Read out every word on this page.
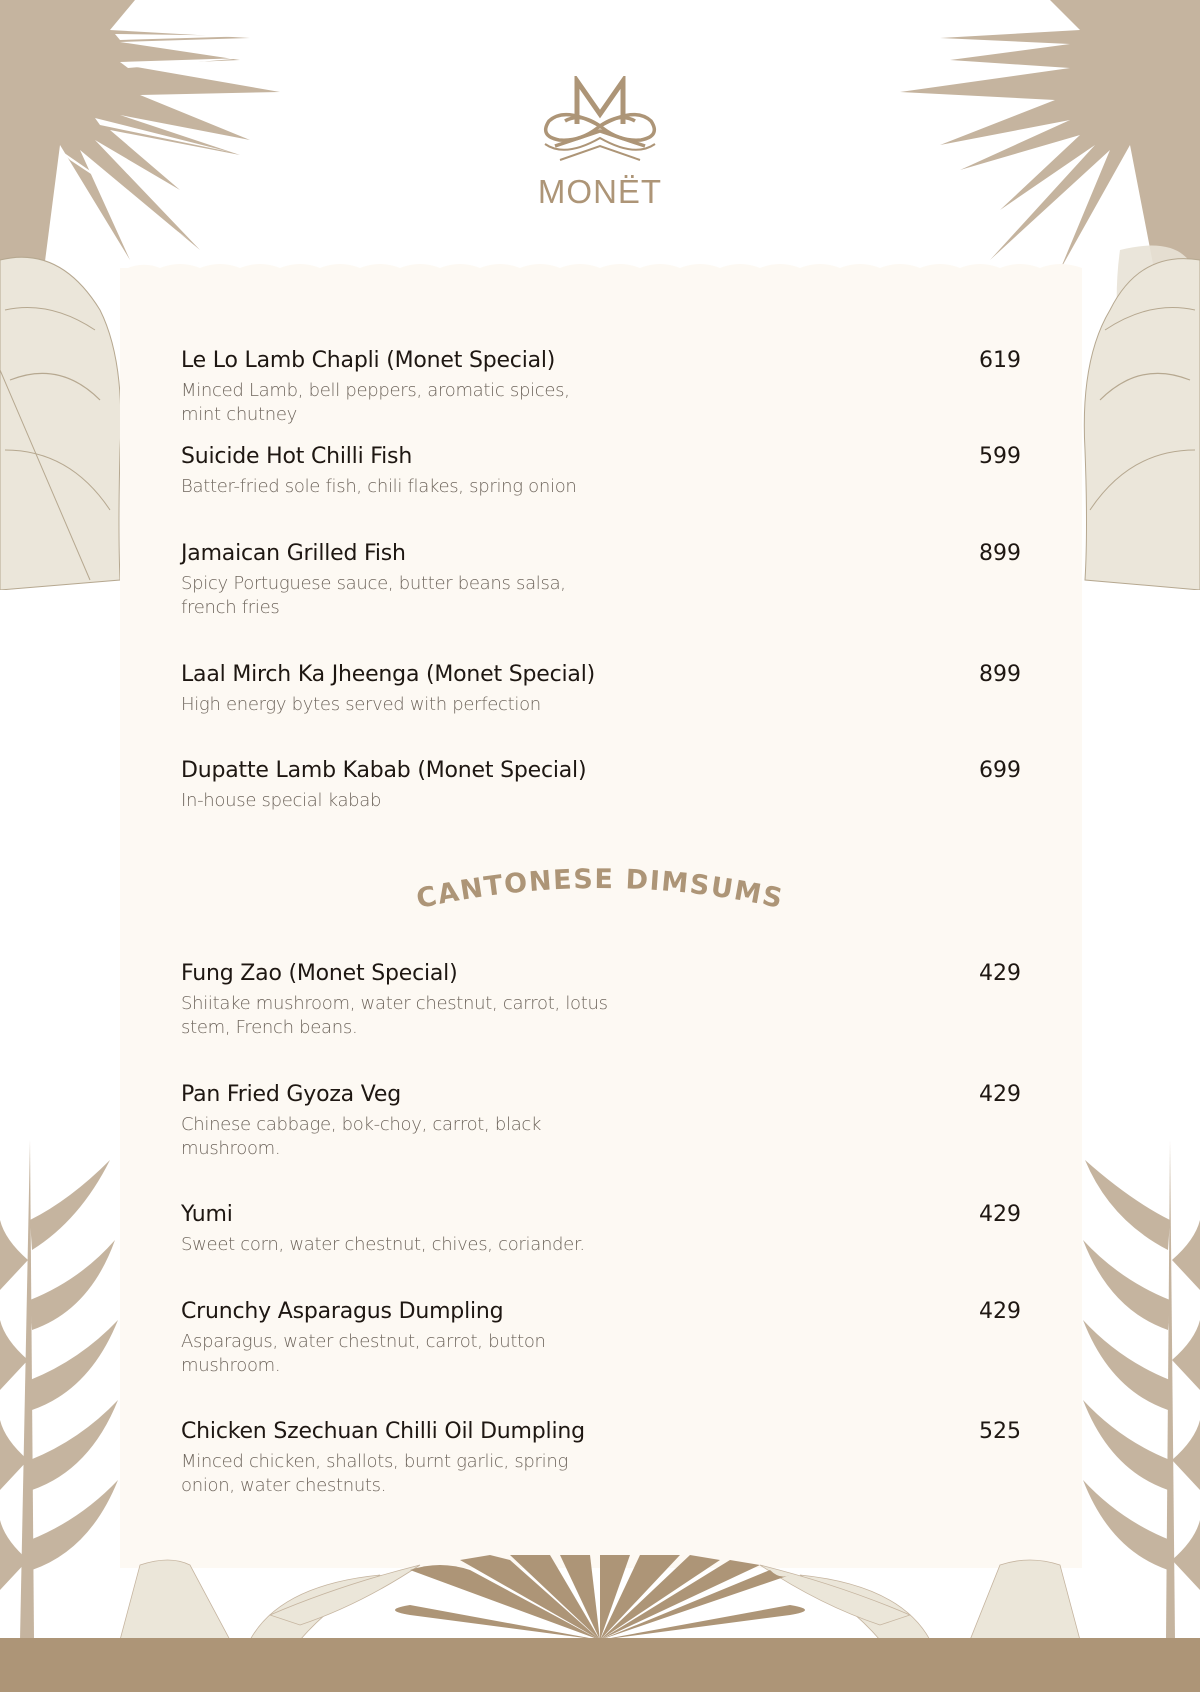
MONËT
Le Lo Lamb Chapli (Monet Special)
Minced Lamb, bell peppers, aromatic spices, mint chutney
619
Suicide Hot Chilli Fish
Batter-fried sole fish, chili flakes, spring onion
599
Jamaican Grilled Fish
Spicy Portuguese sauce, butter beans salsa, french fries
899
Laal Mirch Ka Jheenga (Monet Special)
High energy bytes served with perfection
899
Dupatte Lamb Kabab (Monet Special)
In-house special kabab
699
CANTONESE DIMSUMS
Fung Zao (Monet Special)
Shiitake mushroom, water chestnut, carrot, lotus stem, French beans.
429
Pan Fried Gyoza Veg
Chinese cabbage, bok-choy, carrot, black mushroom.
429
Yumi
Sweet corn, water chestnut, chives, coriander.
429
Crunchy Asparagus Dumpling
Asparagus, water chestnut, carrot, button mushroom.
429
Chicken Szechuan Chilli Oil Dumpling
Minced chicken, shallots, burnt garlic, spring onion, water chestnuts.
525
